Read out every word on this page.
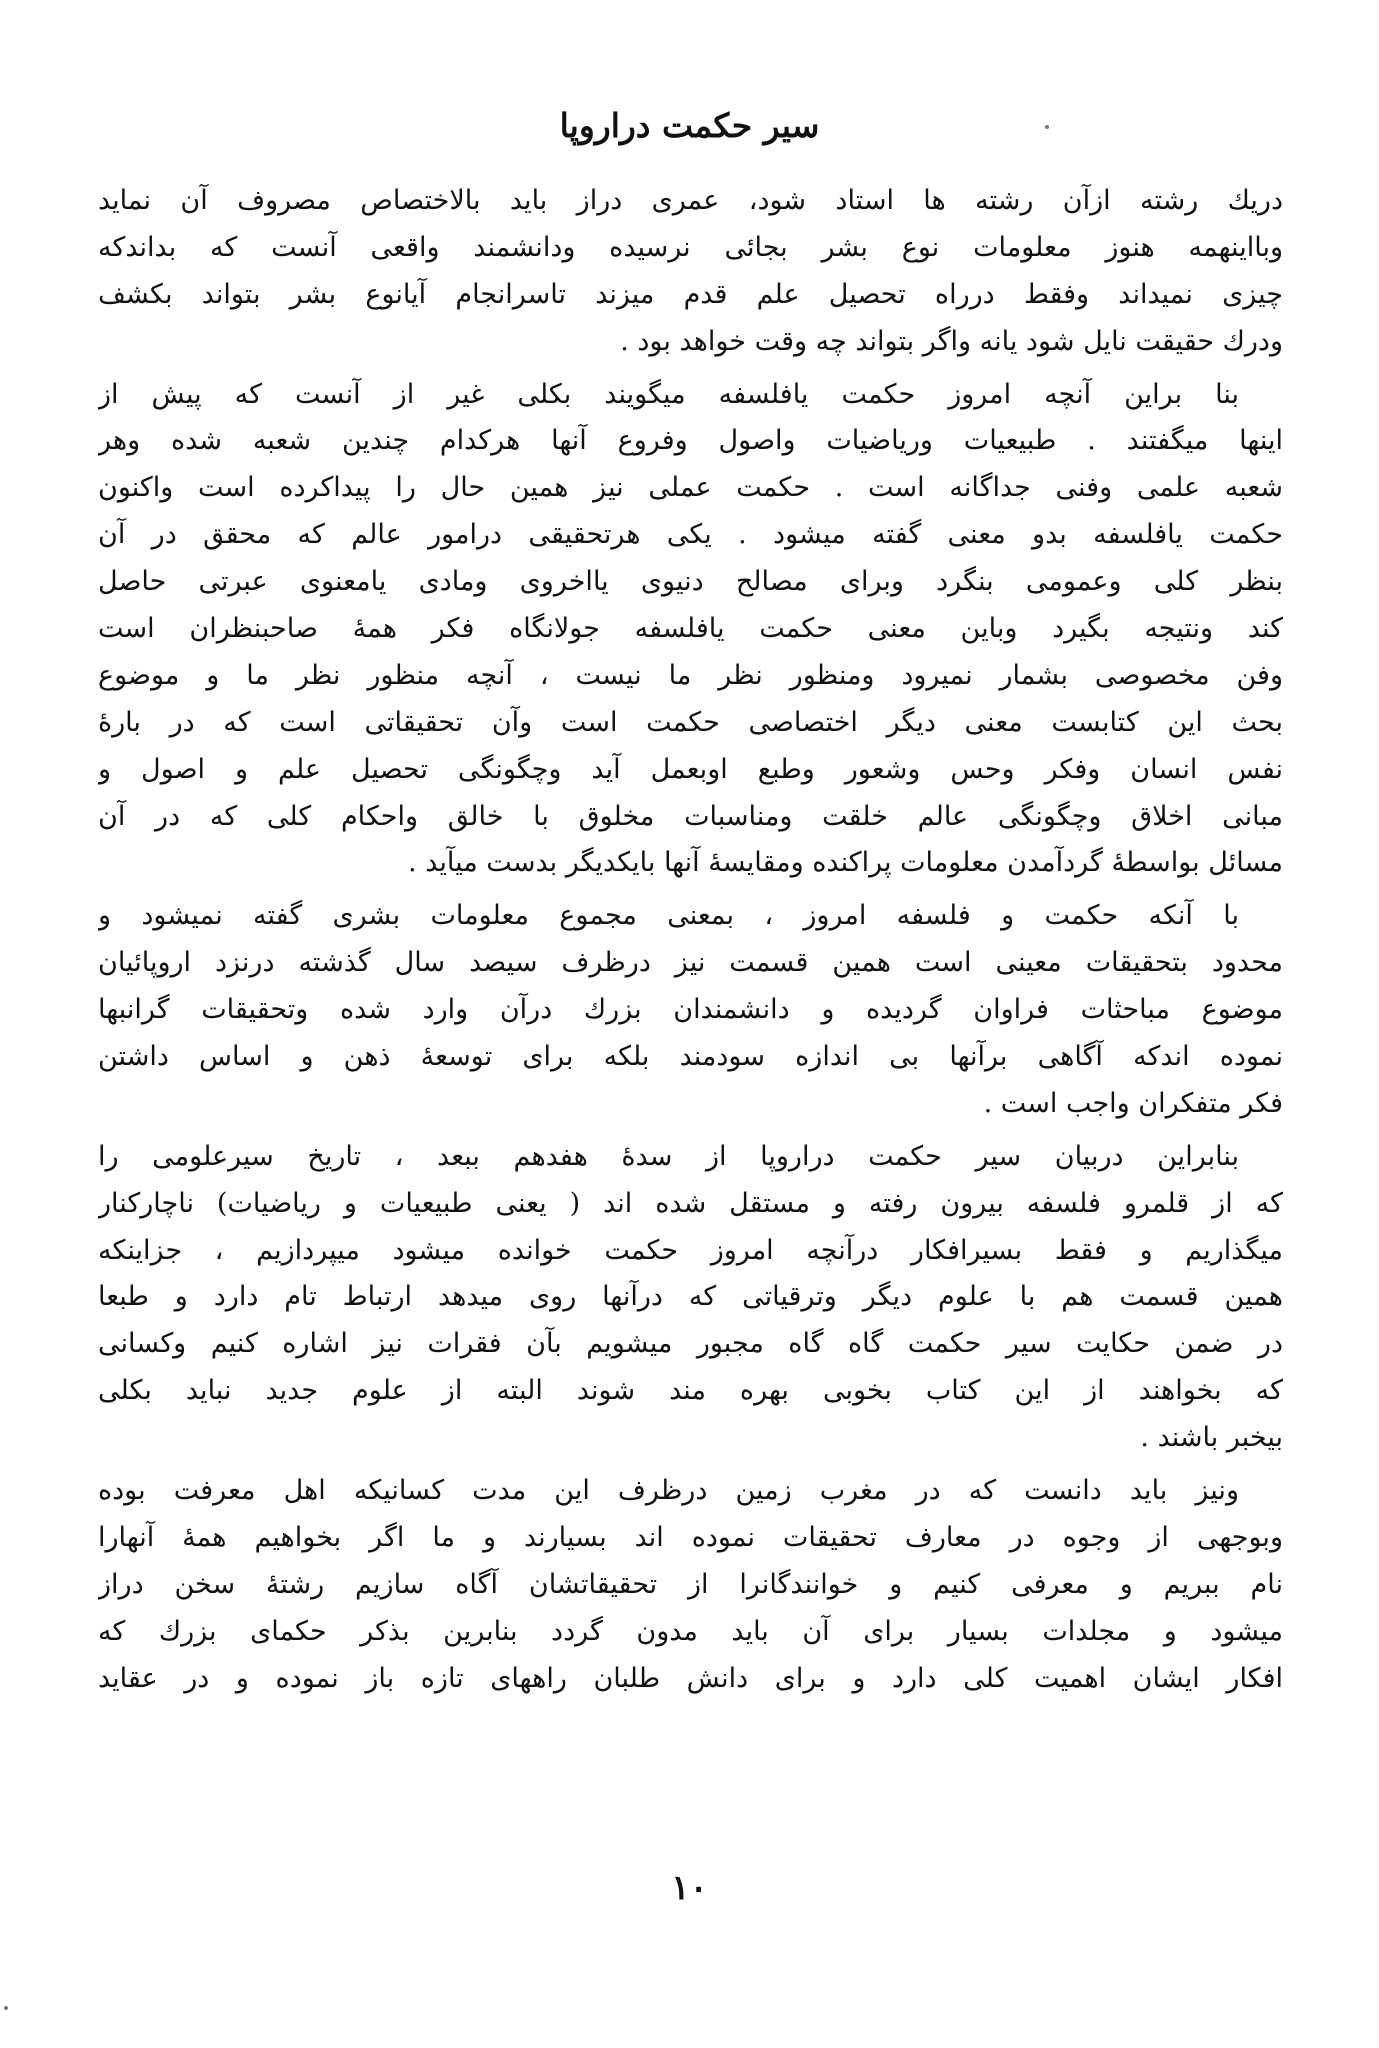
سیر حکمت دراروپا
دریك رشته ازآن رشته ها استاد شود، عمری دراز باید بالاختصاص مصروف آن نماید
وبااینهمه هنوز معلومات نوع بشر بجائی نرسیده ودانشمند واقعی آنست که بداندکه
چیزی نمیداند وفقط درراه تحصیل علم قدم میزند تاسرانجام آیانوع بشر بتواند بکشف
ودرك حقیقت نایل شود یانه واگر بتواند چه وقت خواهد بود .
بنا براین آنچه امروز حکمت یافلسفه میگویند بکلی غیر از آنست که پیش از
اینها میگفتند . طبیعیات وریاضیات واصول وفروع آنها هرکدام چندین شعبه شده وهر
شعبه علمی وفنی جداگانه است . حکمت عملی نیز همین حال را پیداکرده است واکنون
حکمت یافلسفه بدو معنی گفته میشود . یکی هرتحقیقی درامور عالم که محقق در آن
بنظر کلی وعمومی بنگرد وبرای مصالح دنیوی یااخروی ومادی یامعنوی عبرتی حاصل
کند ونتیجه بگیرد وباین معنی حکمت یافلسفه جولانگاه فکر همهٔ صاحبنظران است
وفن مخصوصی بشمار نمیرود ومنظور نظر ما نیست ، آنچه منظور نظر ما و موضوع
بحث این کتابست معنی دیگر اختصاصی حکمت است وآن تحقیقاتی است که در بارهٔ
نفس انسان وفکر وحس وشعور وطبع اوبعمل آید وچگونگی تحصیل علم و اصول و
مبانی اخلاق وچگونگی عالم خلقت ومناسبات مخلوق با خالق واحکام کلی که در آن
مسائل بواسطهٔ گردآمدن معلومات پراکنده ومقایسهٔ آنها بایکدیگر بدست میآید .
با آنکه حکمت و فلسفه امروز ، بمعنی مجموع معلومات بشری گفته نمیشود و
محدود بتحقیقات معینی است همین قسمت نیز درظرف سیصد سال گذشته درنزد اروپائیان
موضوع مباحثات فراوان گردیده و دانشمندان بزرك درآن وارد شده وتحقیقات گرانبها
نموده اندکه آگاهی برآنها بی اندازه سودمند بلکه برای توسعهٔ ذهن و اساس داشتن
فکر متفکران واجب است .
بنابراین دربیان سیر حکمت دراروپا از سدهٔ هفدهم ببعد ، تاریخ سیرعلومی را
که از قلمرو فلسفه بیرون رفته و مستقل شده اند ( یعنی طبیعیات و ریاضیات) ناچارکنار
میگذاریم و فقط بسیرافکار درآنچه امروز حکمت خوانده میشود میپردازیم ، جزاینکه
همین قسمت هم با علوم دیگر وترقیاتی که درآنها روی میدهد ارتباط تام دارد و طبعا
در ضمن حکایت سیر حکمت گاه گاه مجبور میشویم بآن فقرات نیز اشاره کنیم وکسانی
که بخواهند از این کتاب بخوبی بهره مند شوند البته از علوم جدید نباید بکلی
بیخبر باشند .
ونیز باید دانست که در مغرب زمین درظرف این مدت کسانیکه اهل معرفت بوده
وبوجهی از وجوه در معارف تحقیقات نموده اند بسیارند و ما اگر بخواهیم همهٔ آنهارا
نام ببریم و معرفی کنیم و خوانندگانرا از تحقیقاتشان آگاه سازیم رشتهٔ سخن دراز
میشود و مجلدات بسیار برای آن باید مدون گردد بنابرین بذکر حکمای بزرك که
افکار ایشان اهمیت کلی دارد و برای دانش طلبان راههای تازه باز نموده و در عقاید
۱۰
